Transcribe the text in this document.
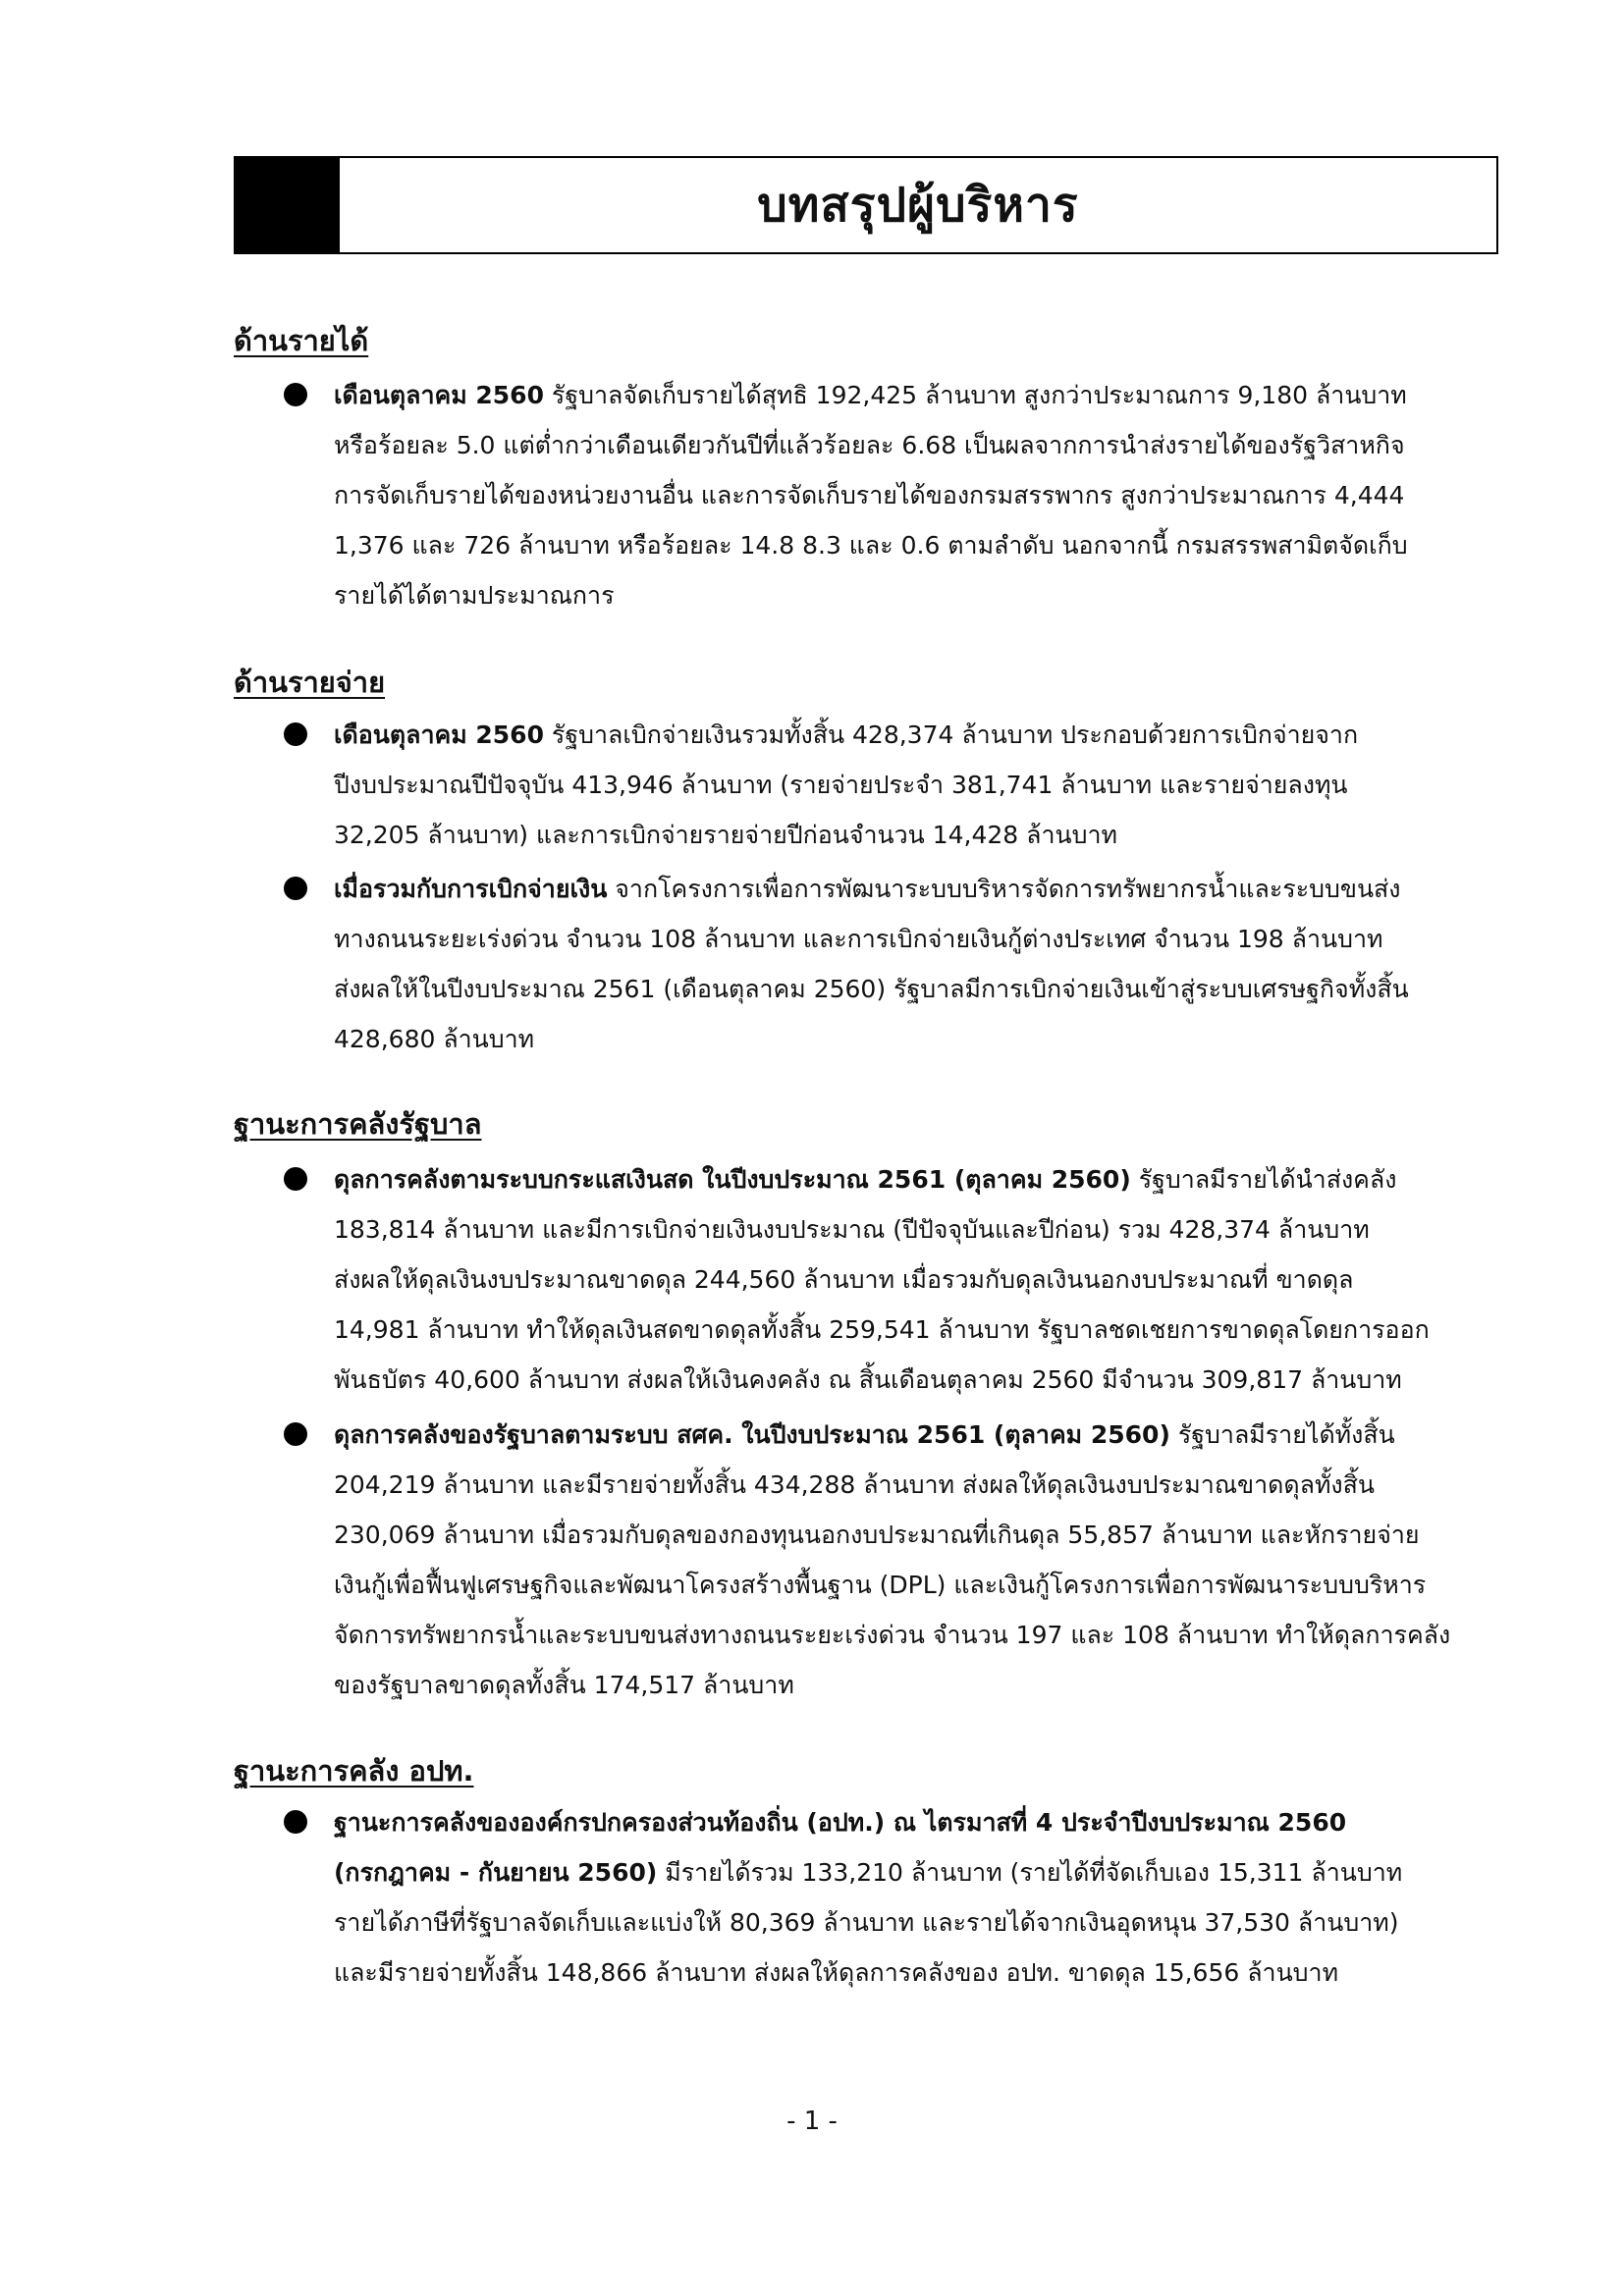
บทสรุปผู้บริหาร
ด้านรายได้
เดือนตุลาคม 2560 รัฐบาลจัดเก็บรายได้สุทธิ 192,425 ล้านบาท สูงกว่าประมาณการ 9,180 ล้านบาท
หรือร้อยละ 5.0 แต่ต่ำกว่าเดือนเดียวกันปีที่แล้วร้อยละ 6.68 เป็นผลจากการนำส่งรายได้ของรัฐวิสาหกิจ
การจัดเก็บรายได้ของหน่วยงานอื่น และการจัดเก็บรายได้ของกรมสรรพากร สูงกว่าประมาณการ 4,444
1,376 และ 726 ล้านบาท หรือร้อยละ 14.8 8.3 และ 0.6 ตามลำดับ นอกจากนี้ กรมสรรพสามิตจัดเก็บ
รายได้ได้ตามประมาณการ
ด้านรายจ่าย
เดือนตุลาคม 2560 รัฐบาลเบิกจ่ายเงินรวมทั้งสิ้น 428,374 ล้านบาท ประกอบด้วยการเบิกจ่ายจาก
ปีงบประมาณปีปัจจุบัน 413,946 ล้านบาท (รายจ่ายประจำ 381,741 ล้านบาท และรายจ่ายลงทุน
32,205 ล้านบาท) และการเบิกจ่ายรายจ่ายปีก่อนจำนวน 14,428 ล้านบาท
เมื่อรวมกับการเบิกจ่ายเงิน จากโครงการเพื่อการพัฒนาระบบบริหารจัดการทรัพยากรน้ำและระบบขนส่ง
ทางถนนระยะเร่งด่วน จำนวน 108 ล้านบาท และการเบิกจ่ายเงินกู้ต่างประเทศ จำนวน 198 ล้านบาท
ส่งผลให้ในปีงบประมาณ 2561 (เดือนตุลาคม 2560) รัฐบาลมีการเบิกจ่ายเงินเข้าสู่ระบบเศรษฐกิจทั้งสิ้น
428,680 ล้านบาท
ฐานะการคลังรัฐบาล
ดุลการคลังตามระบบกระแสเงินสด ในปีงบประมาณ 2561 (ตุลาคม 2560) รัฐบาลมีรายได้นำส่งคลัง
183,814 ล้านบาท และมีการเบิกจ่ายเงินงบประมาณ (ปีปัจจุบันและปีก่อน) รวม 428,374 ล้านบาท
ส่งผลให้ดุลเงินงบประมาณขาดดุล 244,560 ล้านบาท เมื่อรวมกับดุลเงินนอกงบประมาณที่ ขาดดุล
14,981 ล้านบาท ทำให้ดุลเงินสดขาดดุลทั้งสิ้น 259,541 ล้านบาท รัฐบาลชดเชยการขาดดุลโดยการออก
พันธบัตร 40,600 ล้านบาท ส่งผลให้เงินคงคลัง ณ สิ้นเดือนตุลาคม 2560 มีจำนวน 309,817 ล้านบาท
ดุลการคลังของรัฐบาลตามระบบ สศค. ในปีงบประมาณ 2561 (ตุลาคม 2560) รัฐบาลมีรายได้ทั้งสิ้น
204,219 ล้านบาท และมีรายจ่ายทั้งสิ้น 434,288 ล้านบาท ส่งผลให้ดุลเงินงบประมาณขาดดุลทั้งสิ้น
230,069 ล้านบาท เมื่อรวมกับดุลของกองทุนนอกงบประมาณที่เกินดุล 55,857 ล้านบาท และหักรายจ่าย
เงินกู้เพื่อฟื้นฟูเศรษฐกิจและพัฒนาโครงสร้างพื้นฐาน (DPL) และเงินกู้โครงการเพื่อการพัฒนาระบบบริหาร
จัดการทรัพยากรน้ำและระบบขนส่งทางถนนระยะเร่งด่วน จำนวน 197 และ 108 ล้านบาท ทำให้ดุลการคลัง
ของรัฐบาลขาดดุลทั้งสิ้น 174,517 ล้านบาท
ฐานะการคลัง อปท.
ฐานะการคลังขององค์กรปกครองส่วนท้องถิ่น (อปท.) ณ ไตรมาสที่ 4 ประจำปีงบประมาณ 2560
(กรกฎาคม - กันยายน 2560) มีรายได้รวม 133,210 ล้านบาท (รายได้ที่จัดเก็บเอง 15,311 ล้านบาท
รายได้ภาษีที่รัฐบาลจัดเก็บและแบ่งให้ 80,369 ล้านบาท และรายได้จากเงินอุดหนุน 37,530 ล้านบาท)
และมีรายจ่ายทั้งสิ้น 148,866 ล้านบาท ส่งผลให้ดุลการคลังของ อปท. ขาดดุล 15,656 ล้านบาท
- 1 -
